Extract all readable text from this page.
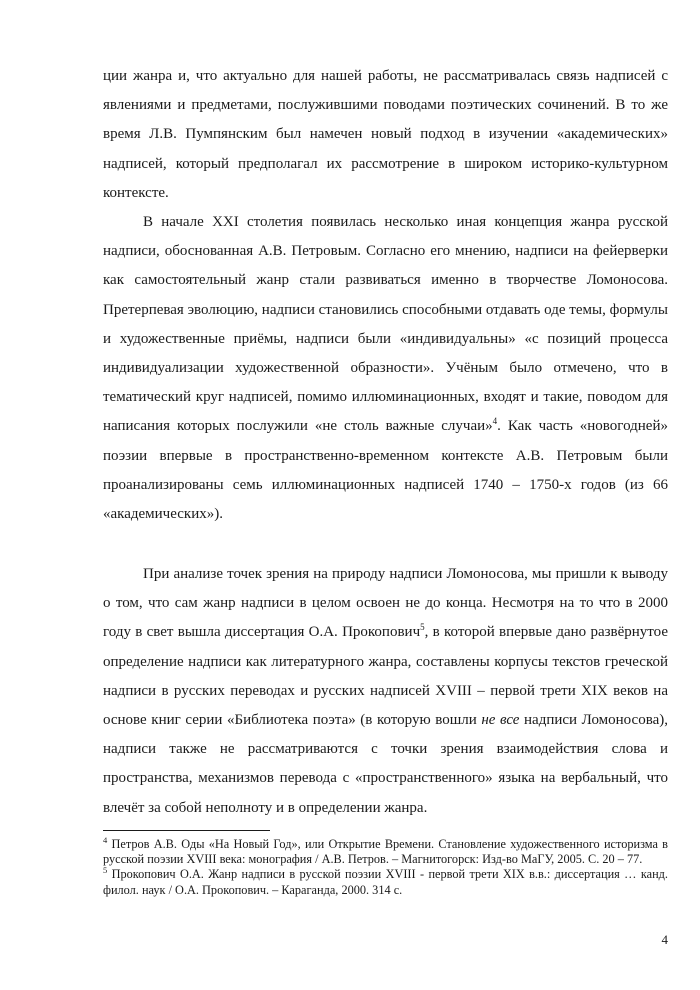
ции жанра и, что актуально для нашей работы, не рассматривалась связь надписей с явлениями и предметами, послужившими поводами поэтических сочинений. В то же время Л.В. Пумпянским был намечен новый подход в изучении «академических» надписей, который предполагал их рассмотрение в широком историко-культурном контексте.

В начале XXI столетия появилась несколько иная концепция жанра русской надписи, обоснованная А.В. Петровым. Согласно его мнению, надписи на фейерверки как самостоятельный жанр стали развиваться именно в творчестве Ломоносова. Претерпевая эволюцию, надписи становились способными отдавать оде темы, формулы и художественные приёмы, надписи были «индивидуальны» «с позиций процесса индивидуализации художественной образности». Учёным было отмечено, что в тематический круг надписей, помимо иллюминационных, входят и такие, поводом для написания которых послужили «не столь важные случаи»$^4$. Как часть «новогодней» поэзии впервые в пространственно-временном контексте А.В. Петровым были проанализированы семь иллюминационных надписей 1740 – 1750-х годов (из 66 «академических»).

При анализе точек зрения на природу надписи Ломоносова, мы пришли к выводу о том, что сам жанр надписи в целом освоен не до конца. Несмотря на то что в 2000 году в свет вышла диссертация О.А. Прокопович$^5$, в которой впервые дано развёрнутое определение надписи как литературного жанра, составлены корпусы текстов греческой надписи в русских переводах и русских надписей XVIII – первой трети XIX веков на основе книг серии «Библиотека поэта» (в которую вошли не все надписи Ломоносова), надписи также не рассматриваются с точки зрения взаимодействия слова и пространства, механизмов перевода с «пространственного» языка на вербальный, что влечёт за собой неполноту и в определении жанра.

$^4$ Петров А.В. Оды «На Новый Год», или Открытие Времени. Становление художественного историзма в русской поэзии XVIII века: монография / А.В. Петров. – Магнитогорск: Изд-во МаГУ, 2005. С. 20 – 77.

$^5$ Прокопович О.А. Жанр надписи в русской поэзии XVIII - первой трети XIX в.в.: диссертация … канд. филол. наук / О.А. Прокопович. – Караганда, 2000. 314 с.

4
